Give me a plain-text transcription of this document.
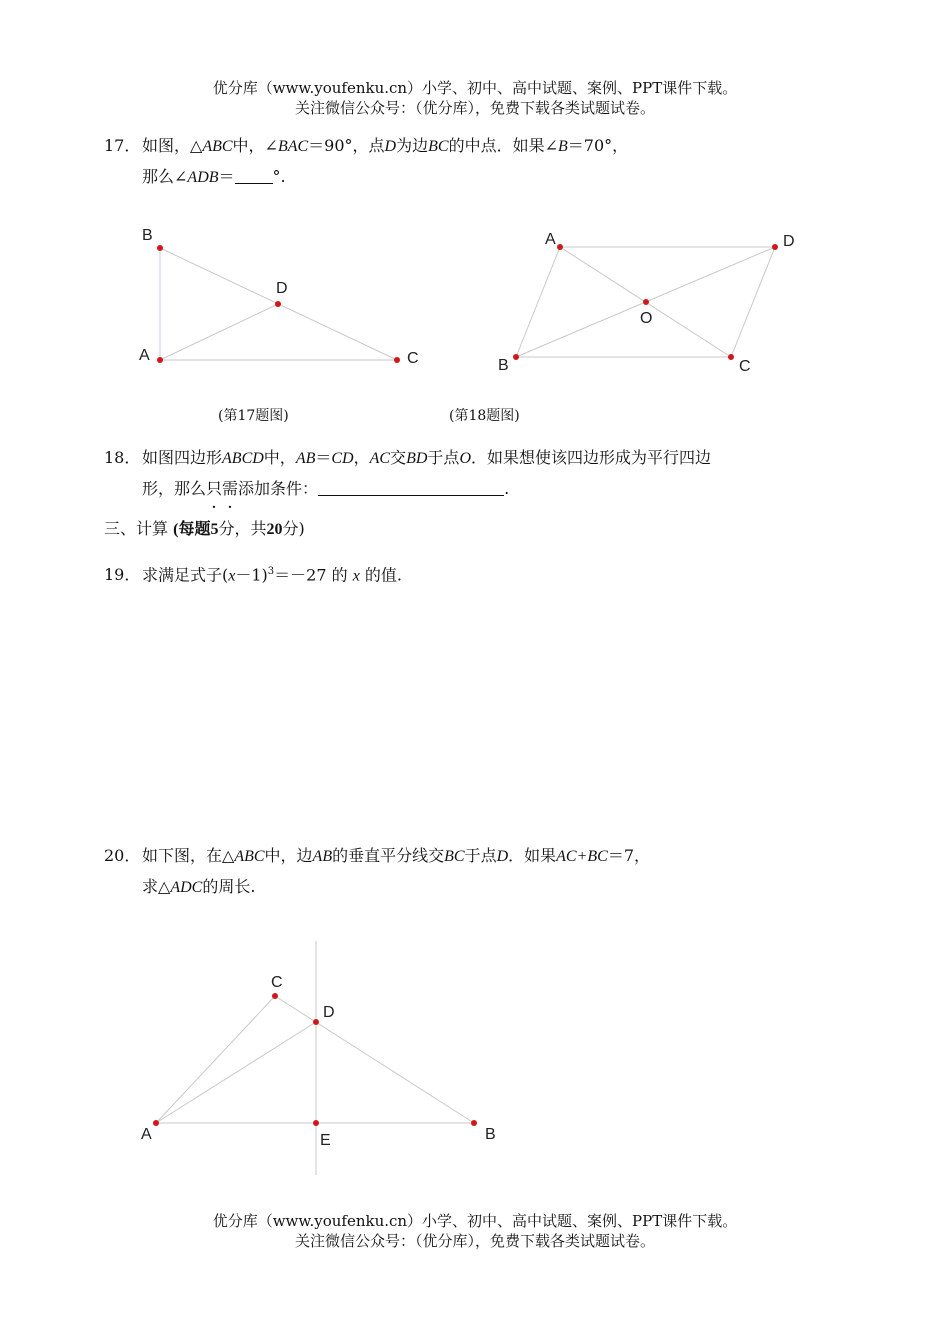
优分库（www.youfenku.cn）小学、初中、高中试题、案例、PPT课件下载。
关注微信公众号：（优分库），免费下载各类试题试卷。
17． 如图，△ABC中，∠BAC＝90°，点D为边BC的中点．如果∠B＝70°，
那么∠ADB＝ °.
B
D
A	C
A	D
O
B	C
(第17题图)	(第18题图)
18． 如图四边形ABCD中，AB＝CD，AC交BD于点O．如果想使该四边形成为平行四边
形，那么只需添加条件：	.
三、计算 (每题5分，共20分)
19． 求满足式子$(x-1)^3=-27$ 的 x 的值.
20． 如下图，在△ABC中，边AB的垂直平分线交BC于点D．如果AC+BC＝7，
求△ADC的周长.
C
D
A	E	B
优分库（www.youfenku.cn）小学、初中、高中试题、案例、PPT课件下载。
关注微信公众号：（优分库），免费下载各类试题试卷。
